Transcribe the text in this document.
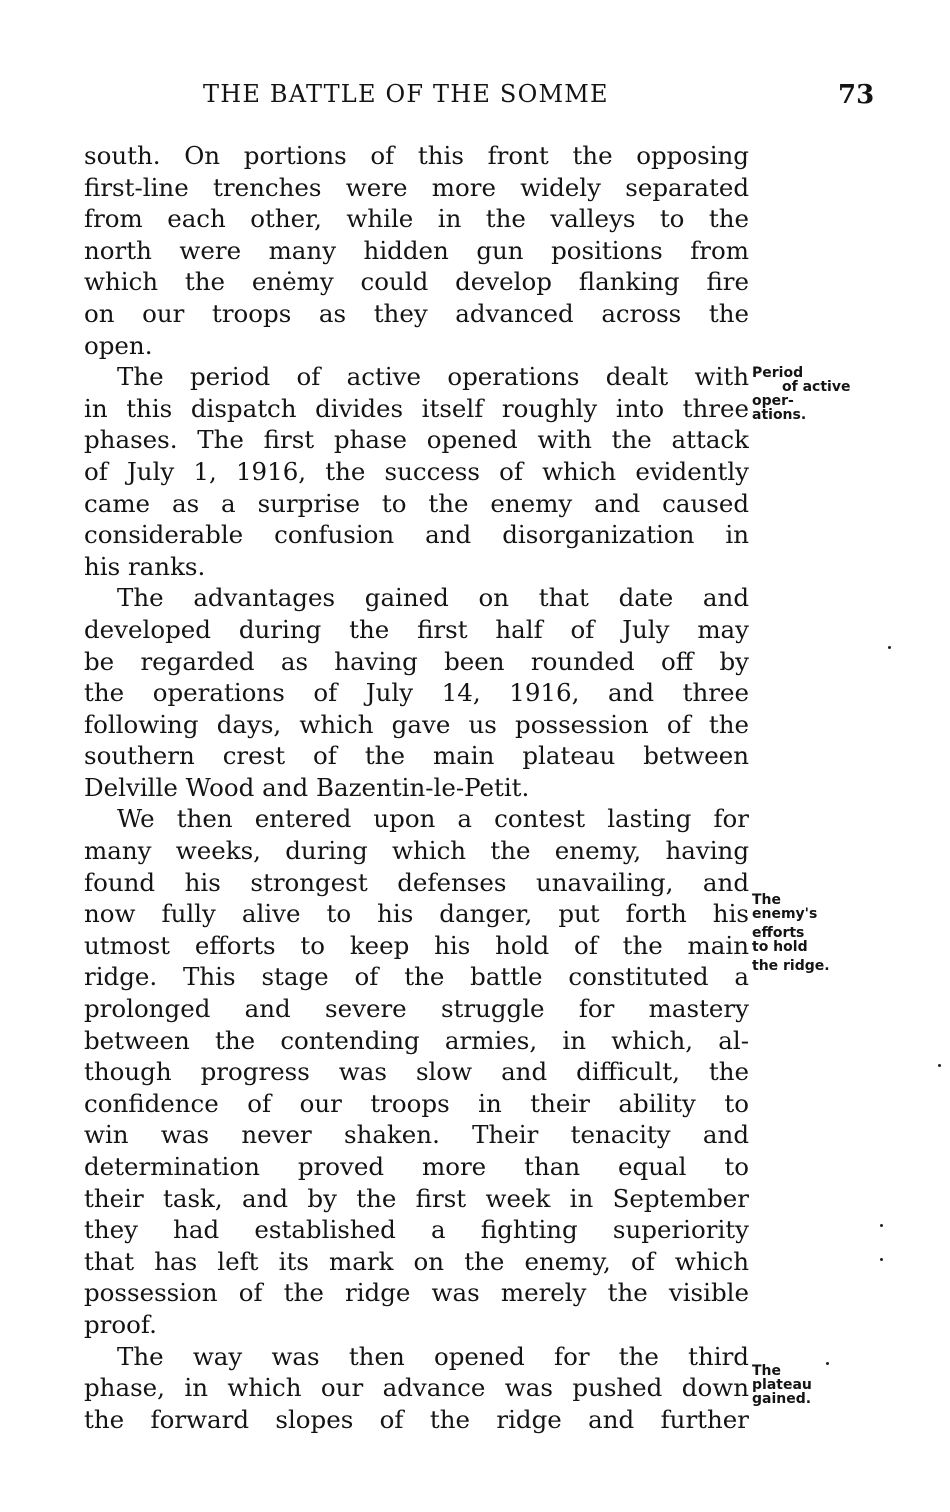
THE BATTLE OF THE SOMME	73
south. On portions of this front the opposing
first-line trenches were more widely separated
from each other, while in the valleys to the
north were many hidden gun positions from
which the enėmy could develop flanking fire
on our troops as they advanced across the
open.
The period of active operations dealt with
in this dispatch divides itself roughly into three
phases. The first phase opened with the attack
of July 1, 1916, the success of which evidently
came as a surprise to the enemy and caused
considerable confusion and disorganization in
his ranks.
The advantages gained on that date and
developed during the first half of July may
be regarded as having been rounded off by
the operations of July 14, 1916, and three
following days, which gave us possession of the
southern crest of the main plateau between
Delville Wood and Bazentin-le-Petit.
We then entered upon a contest lasting for
many weeks, during which the enemy, having
found his strongest defenses unavailing, and
now fully alive to his danger, put forth his
utmost efforts to keep his hold of the main
ridge. This stage of the battle constituted a
prolonged and severe struggle for mastery
between the contending armies, in which, al-
though progress was slow and difficult, the
confidence of our troops in their ability to
win was never shaken. Their tenacity and
determination proved more than equal to
their task, and by the first week in September
they had established a fighting superiority
that has left its mark on the enemy, of which
possession of the ridge was merely the visible
proof.
The way was then opened for the third
phase, in which our advance was pushed down
the forward slopes of the ridge and further
Period
of active
oper-
ations.
The
enemy's
efforts
to hold
the ridge.
The
plateau
gained.
